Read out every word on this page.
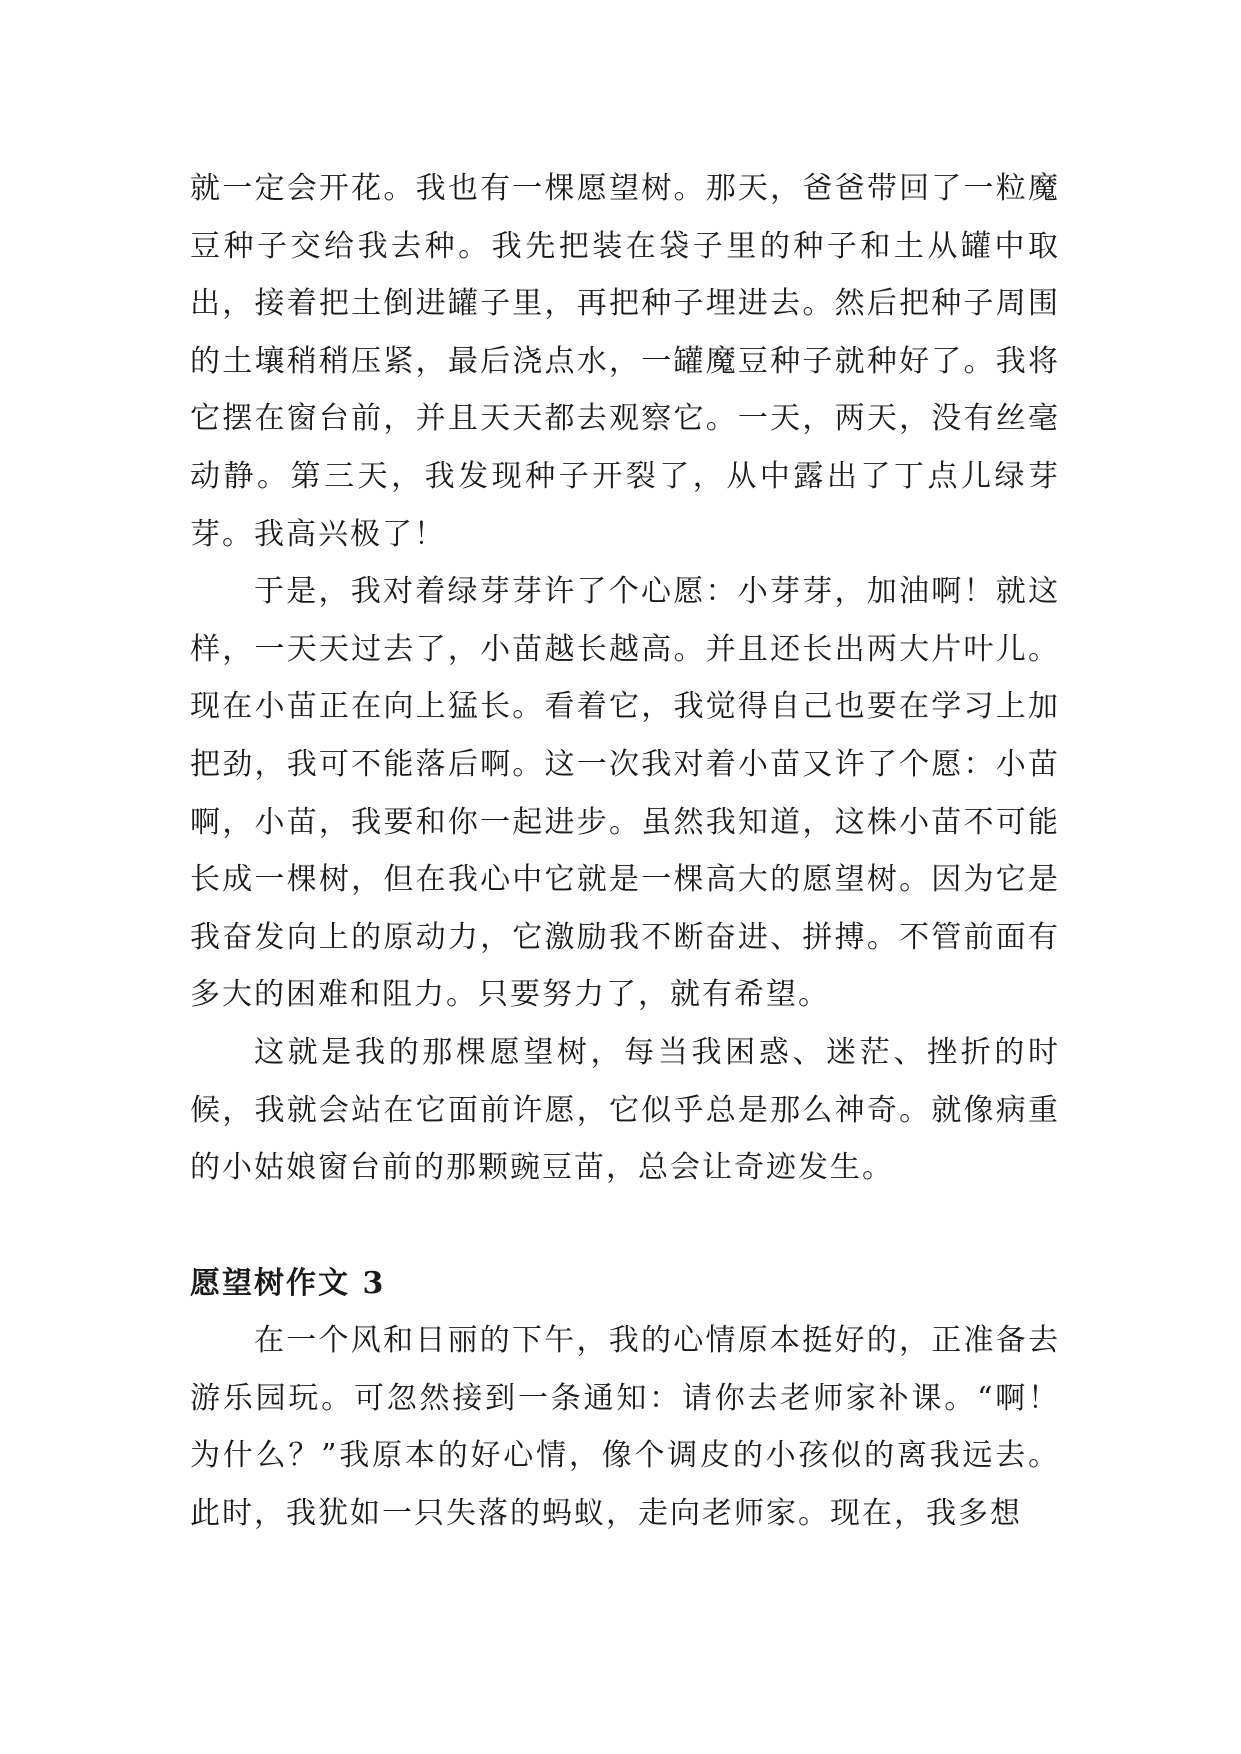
就一定会开花。我也有一棵愿望树。那天，爸爸带回了一粒魔豆种子交给我去种。我先把装在袋子里的种子和土从罐中取出，接着把土倒进罐子里，再把种子埋进去。然后把种子周围的土壤稍稍压紧，最后浇点水，一罐魔豆种子就种好了。我将它摆在窗台前，并且天天都去观察它。一天，两天，没有丝毫动静。第三天，我发现种子开裂了，从中露出了丁点儿绿芽芽。我高兴极了！

于是，我对着绿芽芽许了个心愿：小芽芽，加油啊！就这样，一天天过去了，小苗越长越高。并且还长出两大片叶儿。现在小苗正在向上猛长。看着它，我觉得自己也要在学习上加把劲，我可不能落后啊。这一次我对着小苗又许了个愿：小苗啊，小苗，我要和你一起进步。虽然我知道，这株小苗不可能长成一棵树，但在我心中它就是一棵高大的愿望树。因为它是我奋发向上的原动力，它激励我不断奋进、拼搏。不管前面有多大的困难和阻力。只要努力了，就有希望。

这就是我的那棵愿望树，每当我困惑、迷茫、挫折的时候，我就会站在它面前许愿，它似乎总是那么神奇。就像病重的小姑娘窗台前的那颗豌豆苗，总会让奇迹发生。

愿望树作文 3

在一个风和日丽的下午，我的心情原本挺好的，正准备去游乐园玩。可忽然接到一条通知：请你去老师家补课。“啊！为什么？”我原本的好心情，像个调皮的小孩似的离我远去。此时，我犹如一只失落的蚂蚁，走向老师家。现在，我多想
